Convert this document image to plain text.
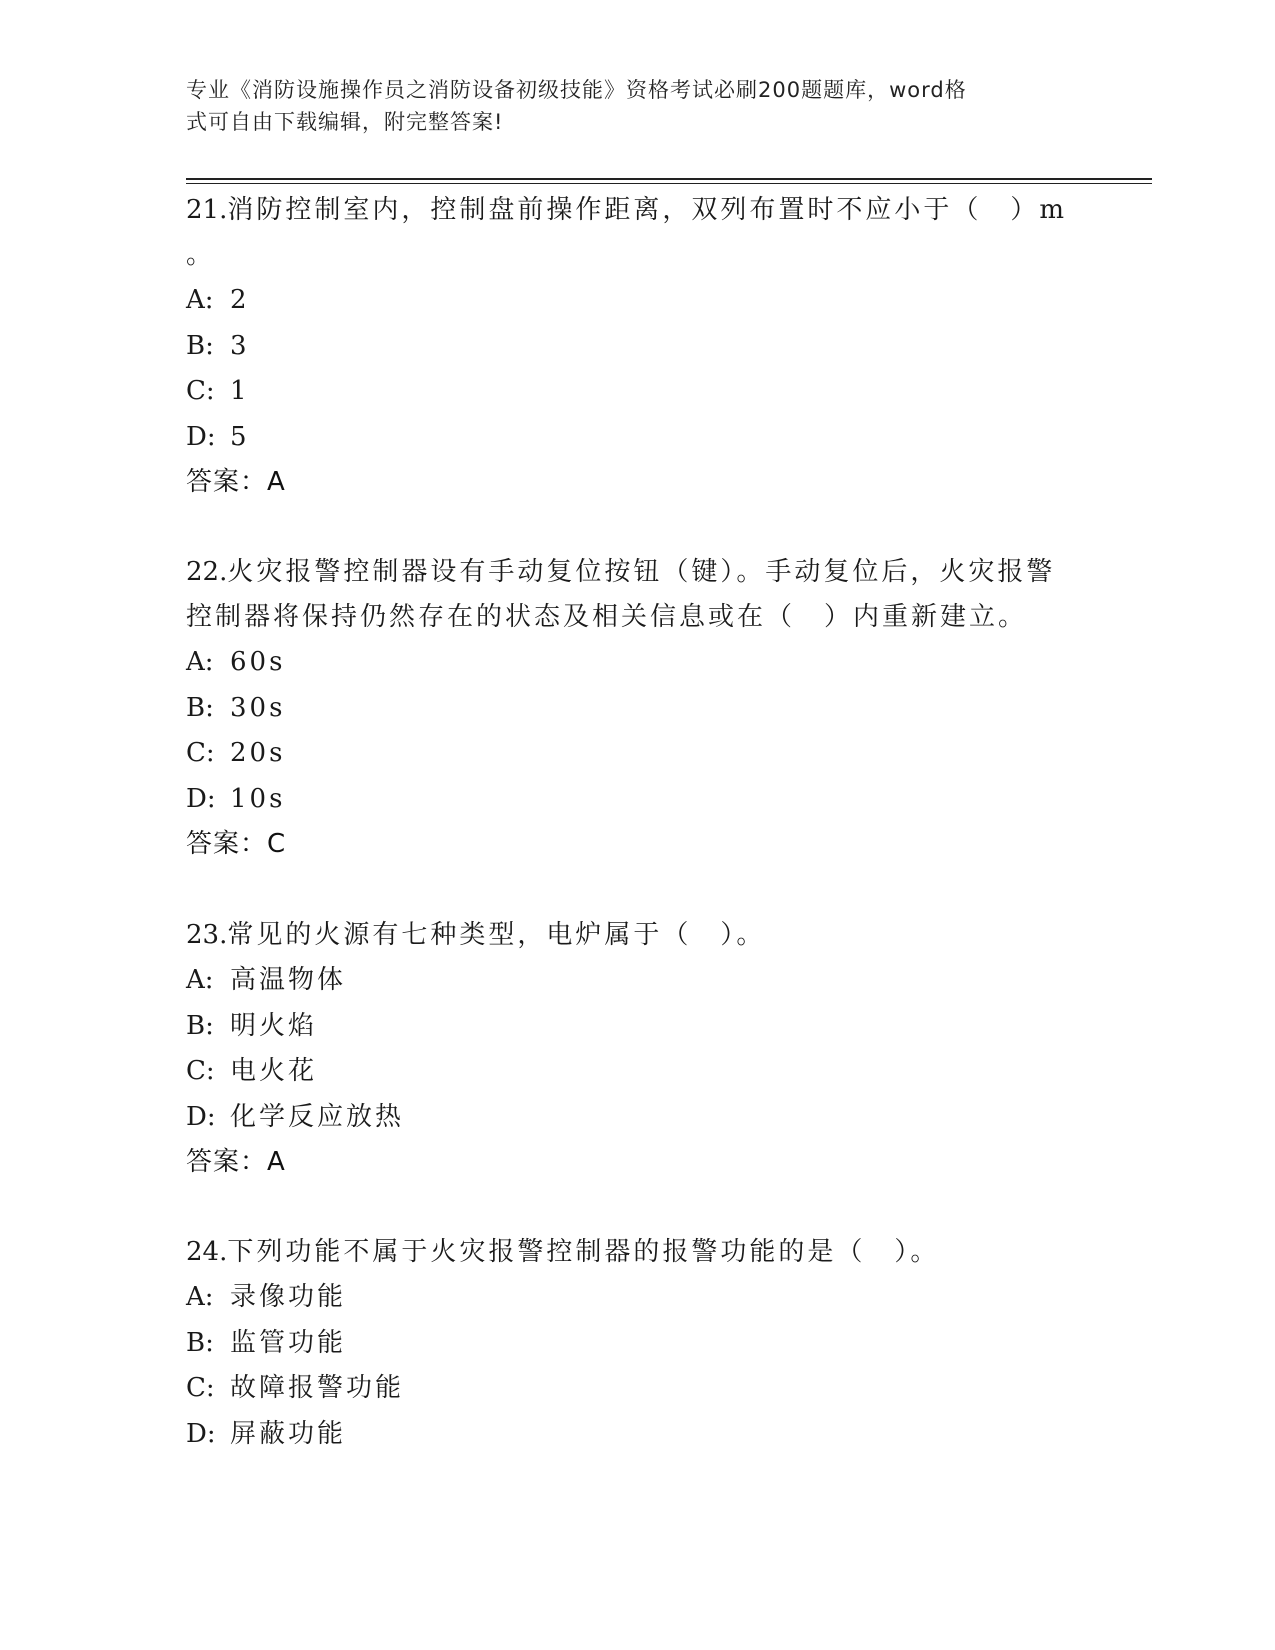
专业《消防设施操作员之消防设备初级技能》资格考试必刷200题题库，word格
式可自由下载编辑，附完整答案!
21.消防控制室内，控制盘前操作距离，双列布置时不应小于（　）m
。
A: 2
B: 3
C: 1
D: 5
答案：A
22.火灾报警控制器设有手动复位按钮（键）。手动复位后，火灾报警
控制器将保持仍然存在的状态及相关信息或在（　）内重新建立。
A: 60s
B: 30s
C: 20s
D: 10s
答案：C
23.常见的火源有七种类型，电炉属于（　）。
A: 高温物体
B: 明火焰
C: 电火花
D: 化学反应放热
答案：A
24.下列功能不属于火灾报警控制器的报警功能的是（　）。
A: 录像功能
B: 监管功能
C: 故障报警功能
D: 屏蔽功能
